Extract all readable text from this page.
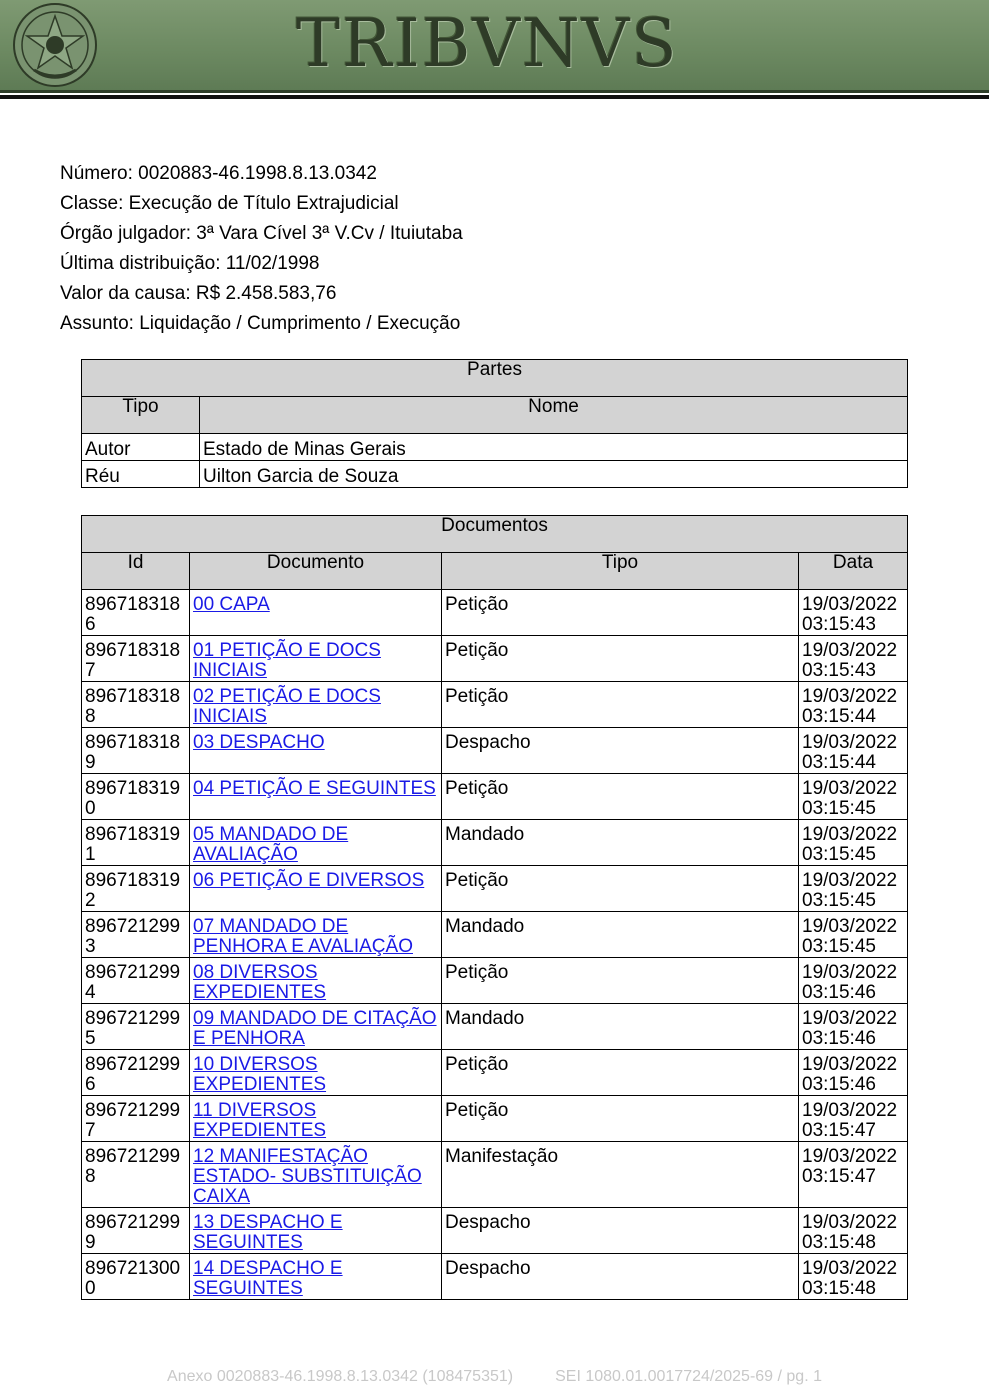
TRIBVNVS
Número: 0020883-46.1998.8.13.0342
Classe: Execução de Título Extrajudicial
Órgão julgador: 3ª Vara Cível 3ª V.Cv / Ituiutaba
Última distribuição: 11/02/1998
Valor da causa: R$ 2.458.583,76
Assunto: Liquidação / Cumprimento / Execução
Partes	
Tipo	Nome
Autor	Estado de Minas Gerais
Réu	Uilton Garcia de Souza
Documentos			
Id	Documento	Tipo	Data
8967183186	00 CAPA	Petição	19/03/2022 03:15:43
8967183187	01 PETIÇÃO E DOCS INICIAIS	Petição	19/03/2022 03:15:43
8967183188	02 PETIÇÃO E DOCS INICIAIS	Petição	19/03/2022 03:15:44
8967183189	03 DESPACHO	Despacho	19/03/2022 03:15:44
8967183190	04 PETIÇÃO E SEGUINTES	Petição	19/03/2022 03:15:45
8967183191	05 MANDADO DE AVALIAÇÃO	Mandado	19/03/2022 03:15:45
8967183192	06 PETIÇÃO E DIVERSOS	Petição	19/03/2022 03:15:45
8967212993	07 MANDADO DE PENHORA E AVALIAÇÃO	Mandado	19/03/2022 03:15:45
8967212994	08 DIVERSOS EXPEDIENTES	Petição	19/03/2022 03:15:46
8967212995	09 MANDADO DE CITAÇÃO E PENHORA	Mandado	19/03/2022 03:15:46
8967212996	10 DIVERSOS EXPEDIENTES	Petição	19/03/2022 03:15:46
8967212997	11 DIVERSOS EXPEDIENTES	Petição	19/03/2022 03:15:47
8967212998	12 MANIFESTAÇÃO ESTADO- SUBSTITUIÇÃO CAIXA	Manifestação	19/03/2022 03:15:47
8967212999	13 DESPACHO E SEGUINTES	Despacho	19/03/2022 03:15:48
8967213000	14 DESPACHO E SEGUINTES	Despacho	19/03/2022 03:15:48
Anexo 0020883-46.1998.8.13.0342 (108475351)	SEI 1080.01.0017724/2025-69 / pg. 1
